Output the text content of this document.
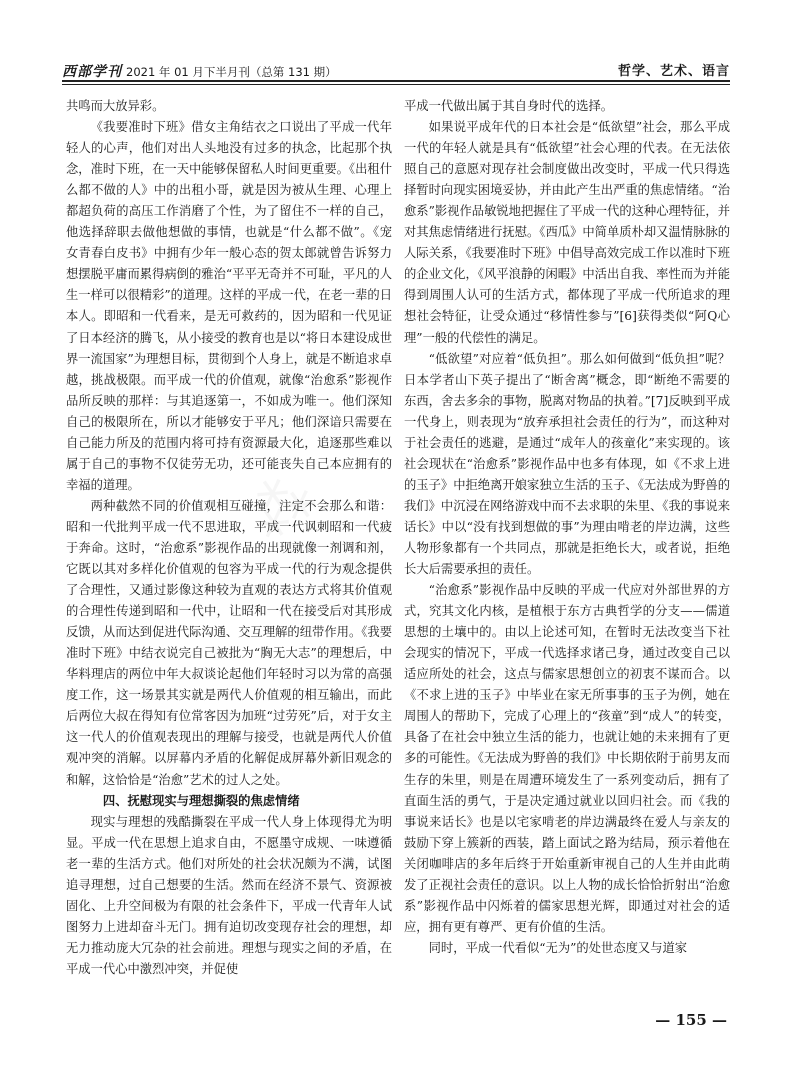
西部学刊 2021 年 01 月下半月刊（总第 131 期）	哲学、艺术、语言

共鸣而大放异彩。

《我要准时下班》借女主角结衣之口说出了平成一代年轻人的心声，他们对出人头地没有过多的执念，比起那个执念，准时下班，在一天中能够保留私人时间更重要。《出租什么都不做的人》中的出租小哥，就是因为被从生理、心理上都超负荷的高压工作消磨了个性，为了留住不一样的自己，他选择辞职去做他想做的事情，也就是“什么都不做”。《宠女青春白皮书》中拥有少年一般心态的贺太郎就曾告诉努力想摆脱平庸而累得病倒的雅治“平平无奇并不可耻，平凡的人生一样可以很精彩”的道理。这样的平成一代，在老一辈的日本人。即昭和一代看来，是无可救药的，因为昭和一代见证了日本经济的腾飞，从小接受的教育也是以“将日本建设成世界一流国家”为理想目标，贯彻到个人身上，就是不断追求卓越，挑战极限。而平成一代的价值观，就像“治愈系”影视作品所反映的那样：与其追逐第一，不如成为唯一。他们深知自己的极限所在，所以才能够安于平凡；他们深谙只需要在自己能力所及的范围内将可持有资源最大化，追逐那些难以属于自己的事物不仅徒劳无功，还可能丧失自己本应拥有的幸福的道理。

两种截然不同的价值观相互碰撞，注定不会那么和谐：昭和一代批判平成一代不思进取，平成一代讽刺昭和一代疲于奔命。这时，“治愈系”影视作品的出现就像一剂调和剂，它既以其对多样化价值观的包容为平成一代的行为观念提供了合理性，又通过影像这种较为直观的表达方式将其价值观的合理性传递到昭和一代中，让昭和一代在接受后对其形成反馈，从而达到促进代际沟通、交互理解的纽带作用。《我要准时下班》中结衣说完自己被批为“胸无大志”的理想后，中华料理店的两位中年大叔谈论起他们年轻时习以为常的高强度工作，这一场景其实就是两代人价值观的相互输出，而此后两位大叔在得知有位常客因为加班“过劳死”后，对于女主这一代人的价值观表现出的理解与接受，也就是两代人价值观冲突的消解。以屏幕内矛盾的化解促成屏幕外新旧观念的和解，这恰恰是“治愈”艺术的过人之处。

四、抚慰现实与理想撕裂的焦虑情绪

现实与理想的残酷撕裂在平成一代人身上体现得尤为明显。平成一代在思想上追求自由，不愿墨守成规、一味遵循老一辈的生活方式。他们对所处的社会状况颇为不满，试图追寻理想，过自己想要的生活。然而在经济不景气、资源被固化、上升空间极为有限的社会条件下，平成一代青年人试图努力上进却奋斗无门。拥有迫切改变现存社会的理想，却无力推动庞大冗杂的社会前进。理想与现实之间的矛盾，在平成一代心中激烈冲突，并促使

平成一代做出属于其自身时代的选择。

如果说平成年代的日本社会是“低欲望”社会，那么平成一代的年轻人就是具有“低欲望”社会心理的代表。在无法依照自己的意愿对现存社会制度做出改变时，平成一代只得选择暂时向现实困境妥协，并由此产生出严重的焦虑情绪。“治愈系”影视作品敏锐地把握住了平成一代的这种心理特征，并对其焦虑情绪进行抚慰。《西瓜》中简单质朴却又温情脉脉的人际关系，《我要准时下班》中倡导高效完成工作以准时下班的企业文化，《风平浪静的闲暇》中活出自我、率性而为并能得到周围人认可的生活方式，都体现了平成一代所追求的理想社会特征，让受众通过“移情性参与”[6]获得类似“阿Q心理”一般的代偿性的满足。

“低欲望”对应着“低负担”。那么如何做到“低负担”呢？日本学者山下英子提出了“断舍离”概念，即“断绝不需要的东西，舍去多余的事物，脱离对物品的执着。”[7]反映到平成一代身上，则表现为“放弃承担社会责任的行为”，而这种对于社会责任的逃避，是通过“成年人的孩童化”来实现的。该社会现状在“治愈系”影视作品中也多有体现，如《不求上进的玉子》中拒绝离开娘家独立生活的玉子、《无法成为野兽的我们》中沉浸在网络游戏中而不去求职的朱里、《我的事说来话长》中以“没有找到想做的事”为理由啃老的岸边满，这些人物形象都有一个共同点，那就是拒绝长大，或者说，拒绝长大后需要承担的责任。

“治愈系”影视作品中反映的平成一代应对外部世界的方式，究其文化内核，是植根于东方古典哲学的分支——儒道思想的土壤中的。由以上论述可知，在暂时无法改变当下社会现实的情况下，平成一代选择求诸己身，通过改变自己以适应所处的社会，这点与儒家思想创立的初衷不谋而合。以《不求上进的玉子》中毕业在家无所事事的玉子为例，她在周围人的帮助下，完成了心理上的“孩童”到“成人”的转变，具备了在社会中独立生活的能力，也就让她的未来拥有了更多的可能性。《无法成为野兽的我们》中长期依附于前男友而生存的朱里，则是在周遭环境发生了一系列变动后，拥有了直面生活的勇气，于是决定通过就业以回归社会。而《我的事说来话长》也是以宅家啃老的岸边满最终在爱人与亲友的鼓励下穿上簇新的西装，踏上面试之路为结局，预示着他在关闭咖啡店的多年后终于开始重新审视自己的人生并由此萌发了正视社会责任的意识。以上人物的成长恰恰折射出“治愈系”影视作品中闪烁着的儒家思想光辉，即通过对社会的适应，拥有更有尊严、更有价值的生活。

同时，平成一代看似“无为”的处世态度又与道家

— 155 —
